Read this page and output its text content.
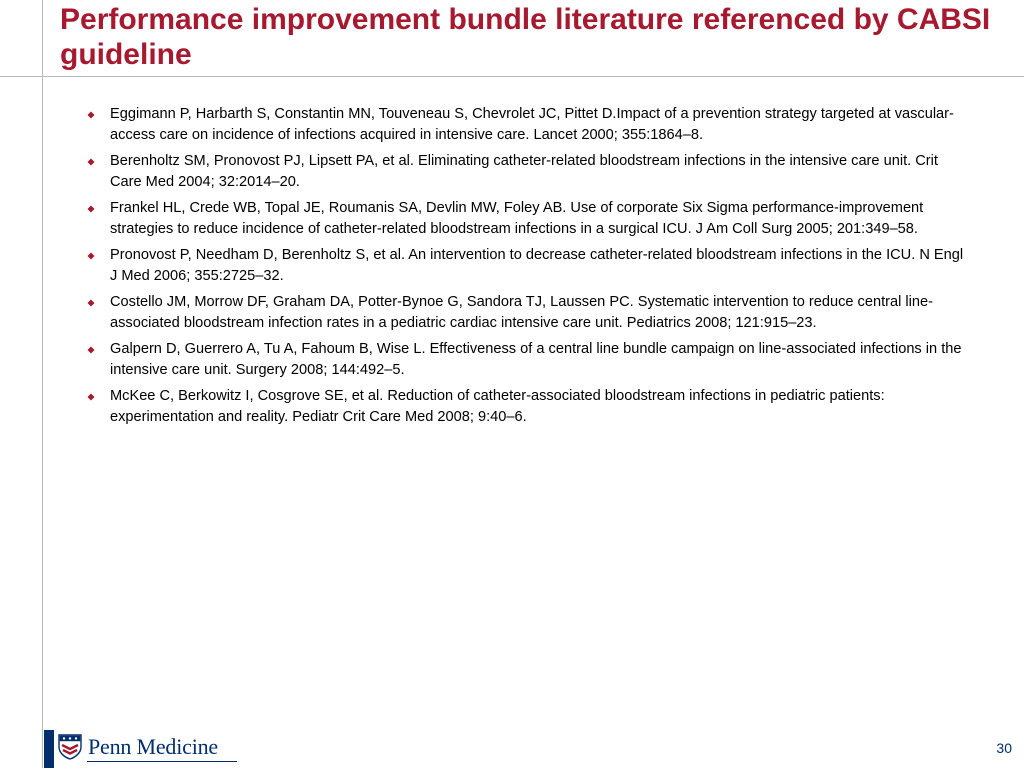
Performance improvement bundle literature referenced by CABSI guideline
Eggimann P, Harbarth S, Constantin MN, Touveneau S, Chevrolet JC, Pittet D.Impact of a prevention strategy targeted at vascular-access care on incidence of infections acquired in intensive care. Lancet 2000; 355:1864–8.
Berenholtz SM, Pronovost PJ, Lipsett PA, et al. Eliminating catheter-related bloodstream infections in the intensive care unit. Crit Care Med 2004; 32:2014–20.
Frankel HL, Crede WB, Topal JE, Roumanis SA, Devlin MW, Foley AB. Use of corporate Six Sigma performance-improvement strategies to reduce incidence of catheter-related bloodstream infections in a surgical ICU. J Am Coll Surg 2005; 201:349–58.
Pronovost P, Needham D, Berenholtz S, et al. An intervention to decrease catheter-related bloodstream infections in the ICU. N Engl J Med 2006; 355:2725–32.
Costello JM, Morrow DF, Graham DA, Potter-Bynoe G, Sandora TJ, Laussen PC. Systematic intervention to reduce central line-associated bloodstream infection rates in a pediatric cardiac intensive care unit. Pediatrics 2008; 121:915–23.
Galpern D, Guerrero A, Tu A, Fahoum B, Wise L. Effectiveness of a central line bundle campaign on line-associated infections in the intensive care unit. Surgery 2008; 144:492–5.
McKee C, Berkowitz I, Cosgrove SE, et al. Reduction of catheter-associated bloodstream infections in pediatric patients: experimentation and reality. Pediatr Crit Care Med 2008; 9:40–6.
Penn Medicine	30
